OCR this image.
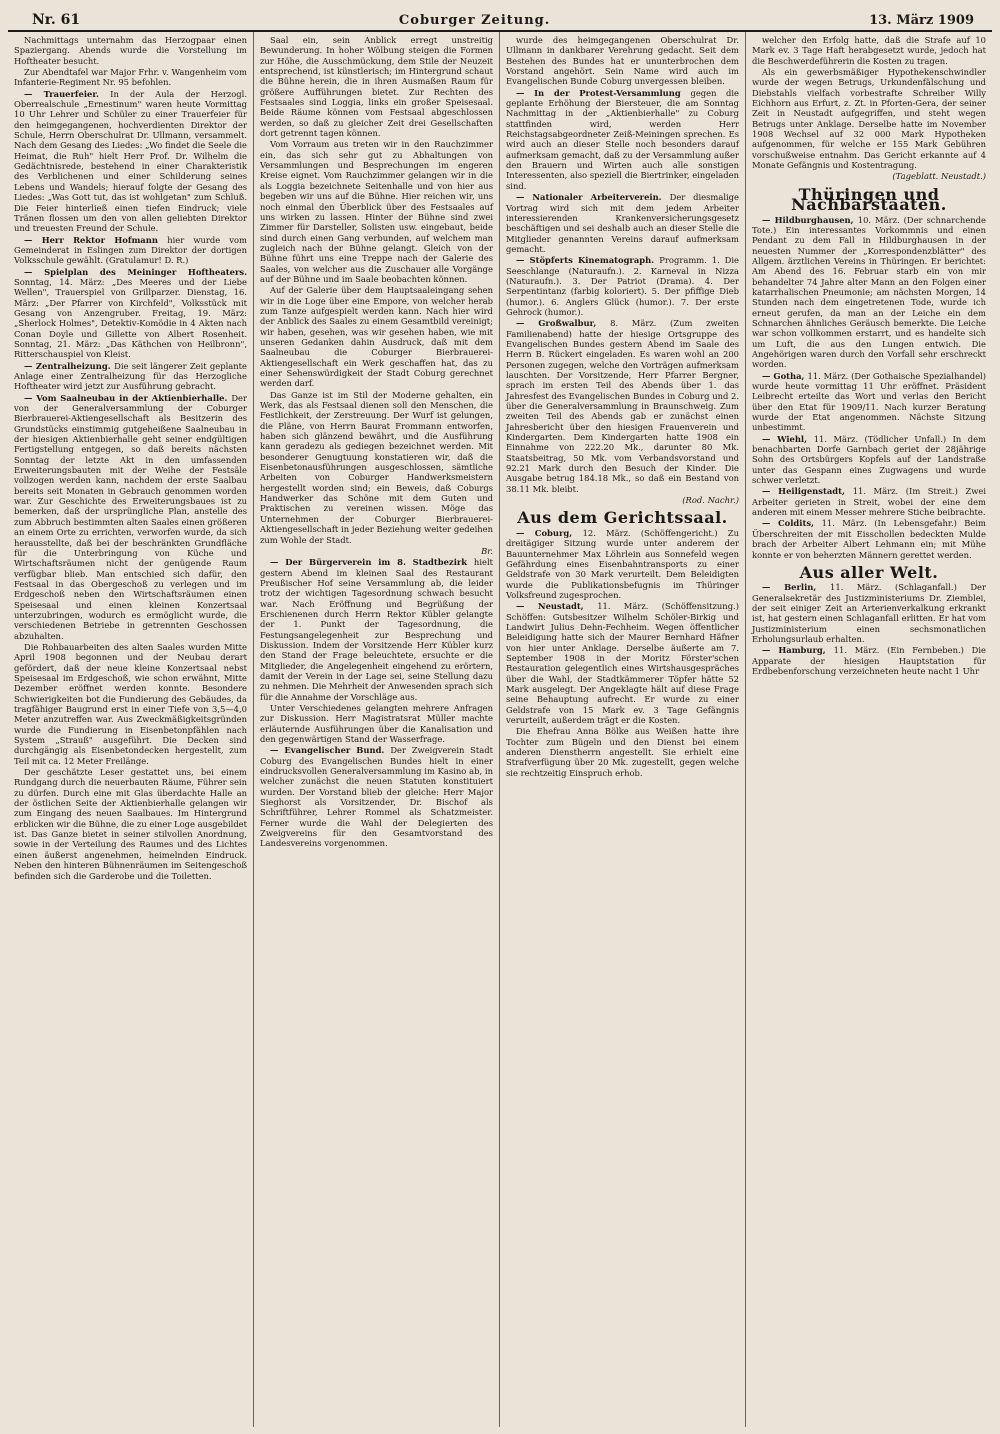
Nr. 61	Coburger Zeitung.	13. März 1909

Nachmittags unternahm das Herzogpaar einen Spaziergang. Abends wurde die Vorstellung im Hoftheater besucht.

Zur Abendtafel war Major Frhr. v. Wangenheim vom Infanterie-Regiment Nr. 95 befohlen.

— Trauerfeier. In der Aula der Herzogl. Oberrealschule „Ernestinum" waren heute Vormittag 10 Uhr Lehrer und Schüler zu einer Trauerfeier für den heimgegangenen, hochverdienten Direktor der Schule, Herrn Oberschulrat Dr. Ullmann, versammelt. Nach dem Gesang des Liedes: „Wo findet die Seele die Heimat, die Ruh" hielt Herr Prof. Dr. Wilhelm die Gedächtnisrede, bestehend in einer Charakteristik des Verblichenen und einer Schilderung seines Lebens und Wandels; hierauf folgte der Gesang des Liedes: „Was Gott tut, das ist wohlgetan" zum Schluß. Die Feier hinterließ einen tiefen Eindruck; viele Tränen flossen um den von allen geliebten Direktor und treuesten Freund der Schule.

— Herr Rektor Hofmann hier wurde vom Gemeinderat in Eslingen zum Direktor der dortigen Volksschule gewählt. (Gratulamur! D. R.)

— Spielplan des Meininger Hoftheaters. Sonntag, 14. März: „Des Meeres und der Liebe Wellen", Trauerspiel von Grillparzer. Dienstag, 16. März: „Der Pfarrer von Kirchfeld", Volksstück mit Gesang von Anzengruber. Freitag, 19. März: „Sherlock Holmes", Detektiv-Komödie in 4 Akten nach Conan Doyle und Gillette von Albert Rosenheit. Sonntag, 21. März: „Das Käthchen von Heilbronn", Ritterschauspiel von Kleist.

— Zentralheizung. Die seit längerer Zeit geplante Anlage einer Zentralheizung für das Herzogliche Hoftheater wird jetzt zur Ausführung gebracht.

— Vom Saalneubau in der Aktienbierhalle. Der von der Generalversammlung der Coburger Bierbrauerei-Aktiengesellschaft als Besitzerin des Grundstücks einstimmig gutgeheißene Saalneubau in der hiesigen Aktienbierhalle geht seiner endgültigen Fertigstellung entgegen, so daß bereits nächsten Sonntag der letzte Akt in den umfassenden Erweiterungsbauten mit der Weihe der Festsäle vollzogen werden kann, nachdem der erste Saalbau bereits seit Monaten in Gebrauch genommen worden war. Zur Geschichte des Erweiterungsbaues ist zu bemerken, daß der ursprüngliche Plan, anstelle des zum Abbruch bestimmten alten Saales einen größeren an einem Orte zu errichten, verworfen wurde, da sich herausstellte, daß bei der beschränkten Grundfläche für die Unterbringung von Küche und Wirtschaftsräumen nicht der genügende Raum verfügbar blieb. Man entschied sich dafür, den Festsaal in das Obergeschoß zu verlegen und im Erdgeschoß neben den Wirtschaftsräumen einen Speisesaal und einen kleinen Konzertsaal unterzubringen, wodurch es ermöglicht wurde, die verschiedenen Betriebe in getrennten Geschossen abzuhalten.

Die Rohbauarbeiten des alten Saales wurden Mitte April 1908 begonnen und der Neubau derart gefördert, daß der neue kleine Konzertsaal nebst Speisesaal im Erdgeschoß, wie schon erwähnt, Mitte Dezember eröffnet werden konnte. Besondere Schwierigkeiten bot die Fundierung des Gebäudes, da tragfähiger Baugrund erst in einer Tiefe von 3,5—4,0 Meter anzutreffen war. Aus Zweckmäßigkeitsgründen wurde die Fundierung in Eisenbetonpfählen nach System „Strauß" ausgeführt. Die Decken sind durchgängig als Eisenbetondecken hergestellt, zum Teil mit ca. 12 Meter Freilänge.

Der geschätzte Leser gestattet uns, bei einem Rundgang durch die neuerbauten Räume, Führer sein zu dürfen. Durch eine mit Glas überdachte Halle an der östlichen Seite der Aktienbierhalle gelangen wir zum Eingang des neuen Saalbaues. Im Hintergrund erblicken wir die Bühne, die zu einer Loge ausgebildet ist. Das Ganze bietet in seiner stilvollen Anordnung, sowie in der Verteilung des Raumes und des Lichtes einen äußerst angenehmen, heimelnden Eindruck. Neben den hinteren Bühnenräumen im Seitengeschoß befinden sich die Garderobe und die Toiletten.

Saal ein, sein Anblick erregt unstreitig Bewunderung. In hoher Wölbung steigen die Formen zur Höhe, die Ausschmückung, dem Stile der Neuzeit entsprechend, ist künstlerisch; im Hintergrund schaut die Bühne herein, die in ihren Ausmaßen Raum für größere Aufführungen bietet. Zur Rechten des Festsaales sind Loggia, links ein großer Speisesaal. Beide Räume können vom Festsaal abgeschlossen werden, so daß zu gleicher Zeit drei Gesellschaften dort getrennt tagen können.

Vom Vorraum aus treten wir in den Rauchzimmer ein, das sich sehr gut zu Abhaltungen von Versammlungen und Besprechungen im engeren Kreise eignet. Vom Rauchzimmer gelangen wir in die als Loggia bezeichnete Seitenhalle und von hier aus begeben wir uns auf die Bühne. Hier reichen wir, uns noch einmal den Überblick über des Festsaales auf uns wirken zu lassen. Hinter der Bühne sind zwei Zimmer für Darsteller, Solisten usw. eingebaut, beide sind durch einen Gang verbunden, auf welchem man zugleich nach der Bühne gelangt. Gleich von der Bühne führt uns eine Treppe nach der Galerie des Saales, von welcher aus die Zuschauer alle Vorgänge auf der Bühne und im Saale beobachten können.

Auf der Galerie über dem Hauptsaaleingang sehen wir in die Loge über eine Empore, von welcher herab zum Tanze aufgespielt werden kann. Nach hier wird der Anblick des Saales zu einem Gesamtbild vereinigt; wir haben, gesehen, was wir gesehen haben, wie mit unseren Gedanken dahin Ausdruck, daß mit dem Saalneubau die Coburger Bierbrauerei-Aktiengesellschaft ein Werk geschaffen hat, das zu einer Sehenswürdigkeit der Stadt Coburg gerechnet werden darf.

Das Ganze ist im Stil der Moderne gehalten, ein Werk, das als Festsaal dienen soll den Menschen, die Festlichkeit, der Zerstreuung. Der Wurf ist gelungen, die Pläne, von Herrn Baurat Frommann entworfen, haben sich glänzend bewährt, und die Ausführung kann geradezu als gediegen bezeichnet werden. Mit besonderer Genugtuung konstatieren wir, daß die Eisenbetonausführungen ausgeschlossen, sämtliche Arbeiten von Coburger Handwerksmeistern hergestellt worden sind; ein Beweis, daß Coburgs Handwerker das Schöne mit dem Guten und Praktischen zu vereinen wissen. Möge das Unternehmen der Coburger Bierbrauerei-Aktiengesellschaft in jeder Beziehung weiter gedeihen zum Wohle der Stadt.

Br.

— Der Bürgerverein im 8. Stadtbezirk hielt gestern Abend im kleinen Saal des Restaurant Preußischer Hof seine Versammlung ab, die leider trotz der wichtigen Tagesordnung schwach besucht war. Nach Eröffnung und Begrüßung der Erschienenen durch Herrn Rektor Kübler gelangte der 1. Punkt der Tagesordnung, die Festungsangelegenheit zur Besprechung und Diskussion. Indem der Vorsitzende Herr Kübler kurz den Stand der Frage beleuchtete, ersuchte er die Mitglieder, die Angelegenheit eingehend zu erörtern, damit der Verein in der Lage sei, seine Stellung dazu zu nehmen. Die Mehrheit der Anwesenden sprach sich für die Annahme der Vorschläge aus.

Unter Verschiedenes gelangten mehrere Anfragen zur Diskussion. Herr Magistratsrat Müller machte erläuternde Ausführungen über die Kanalisation und den gegenwärtigen Stand der Wasserfrage.

— Evangelischer Bund. Der Zweigverein Stadt Coburg des Evangelischen Bundes hielt in einer eindrucksvollen Generalversammlung im Kasino ab, in welcher zunächst die neuen Statuten konstituiert wurden. Der Vorstand blieb der gleiche: Herr Major Sieghorst als Vorsitzender, Dr. Bischof als Schriftführer, Lehrer Rommel als Schatzmeister. Ferner wurde die Wahl der Delegierten des Zweigvereins für den Gesamtvorstand des Landesvereins vorgenommen.

wurde des heimgegangenen Oberschulrat Dr. Ullmann in dankbarer Verehrung gedacht. Seit dem Bestehen des Bundes hat er ununterbrochen dem Vorstand angehört. Sein Name wird auch im Evangelischen Bunde Coburg unvergessen bleiben.

— In der Protest-Versammlung gegen die geplante Erhöhung der Biersteuer, die am Sonntag Nachmittag in der „Aktienbierhalle" zu Coburg stattfinden wird, werden Herr Reichstagsabgeordneter Zeiß-Meiningen sprechen. Es wird auch an dieser Stelle noch besonders darauf aufmerksam gemacht, daß zu der Versammlung außer den Brauern und Wirten auch alle sonstigen Interessenten, also speziell die Biertrinker, eingeladen sind.

— Nationaler Arbeiterverein. Der diesmalige Vortrag wird sich mit dem jedem Arbeiter interessierenden Krankenversicherungsgesetz beschäftigen und sei deshalb auch an dieser Stelle die Mitglieder genannten Vereins darauf aufmerksam gemacht.

— Stöpferts Kinematograph. Programm. 1. Die Seeschlange (Naturaufn.). 2. Karneval in Nizza (Naturaufn.). 3. Der Patriot (Drama). 4. Der Serpentintanz (farbig koloriert). 5. Der pfiffige Dieb (humor.). 6. Anglers Glück (humor.). 7. Der erste Gehrock (humor.).

— Großwalbur, 8. März. (Zum zweiten Familienabend) hatte der hiesige Ortsgruppe des Evangelischen Bundes gestern Abend im Saale des Herrn B. Rückert eingeladen. Es waren wohl an 200 Personen zugegen, welche den Vorträgen aufmerksam lauschten. Der Vorsitzende, Herr Pfarrer Bergner, sprach im ersten Teil des Abends über 1. das Jahresfest des Evangelischen Bundes in Coburg und 2. über die Generalversammlung in Braunschweig. Zum zweiten Teil des Abends gab er zunächst einen Jahresbericht über den hiesigen Frauenverein und Kindergarten. Dem Kindergarten hatte 1908 ein Einnahme von 222.20 Mk., darunter 80 Mk. Staatsbeitrag, 50 Mk. vom Verbandsvorstand und 92.21 Mark durch den Besuch der Kinder. Die Ausgabe betrug 184.18 Mk., so daß ein Bestand von 38.11 Mk. bleibt.

(Rod. Nachr.)

Aus dem Gerichtssaal.

— Coburg, 12. März. (Schöffengericht.) Zu dreitägiger Sitzung wurde unter anderem der Bauunternehmer Max Löhrlein aus Sonnefeld wegen Gefährdung eines Eisenbahntransports zu einer Geldstrafe von 30 Mark verurteilt. Dem Beleidigten wurde die Publikationsbefugnis im Thüringer Volksfreund zugesprochen.

— Neustadt, 11. März. (Schöffensitzung.) Schöffen: Gutsbesitzer Wilhelm Schöler-Birkig und Landwirt Julius Dehn-Fechheim. Wegen öffentlicher Beleidigung hatte sich der Maurer Bernhard Häfner von hier unter Anklage. Derselbe äußerte am 7. September 1908 in der Moritz Förster'schen Restauration gelegentlich eines Wirtshausgespräches über die Wahl, der Stadtkämmerer Töpfer hätte 52 Mark ausgelegt. Der Angeklagte hält auf diese Frage seine Behauptung aufrecht. Er wurde zu einer Geldstrafe von 15 Mark ev. 3 Tage Gefängnis verurteilt, außerdem trägt er die Kosten.

Die Ehefrau Anna Bölke aus Weißen hatte ihre Tochter zum Bügeln und den Dienst bei einem anderen Dienstherrn angestellt. Sie erhielt eine Strafverfügung über 20 Mk. zugestellt, gegen welche sie rechtzeitig Einspruch erhob.

welcher den Erfolg hatte, daß die Strafe auf 10 Mark ev. 3 Tage Haft herabgesetzt wurde, jedoch hat die Beschwerdeführerin die Kosten zu tragen.

Als ein gewerbsmäßiger Hypothekenschwindler wurde der wegen Betrugs, Urkundenfälschung und Diebstahls vielfach vorbestrafte Schreiber Willy Eichhorn aus Erfurt, z. Zt. in Pforten-Gera, der seiner Zeit in Neustadt aufgegriffen, und steht wegen Betrugs unter Anklage. Derselbe hatte im November 1908 Wechsel auf 32 000 Mark Hypotheken aufgenommen, für welche er 155 Mark Gebühren vorschußweise entnahm. Das Gericht erkannte auf 4 Monate Gefängnis und Kostentragung.

(Tageblatt. Neustadt.)

Thüringen und Nachbarstaaten.

— Hildburghausen, 10. März. (Der schnarchende Tote.) Ein interessantes Vorkommnis und einen Pendant zu dem Fall in Hildburghausen in der neuesten Nummer der „Korrespondenzblätter" des Allgem. ärztlichen Vereins in Thüringen. Er berichtet: Am Abend des 16. Februar starb ein von mir behandelter 74 Jahre alter Mann an den Folgen einer katarrhalischen Pneumonie; am nächsten Morgen, 14 Stunden nach dem eingetretenen Tode, wurde ich erneut gerufen, da man an der Leiche ein dem Schnarchen ähnliches Geräusch bemerkte. Die Leiche war schon vollkommen erstarrt, und es handelte sich um Luft, die aus den Lungen entwich. Die Angehörigen waren durch den Vorfall sehr erschreckt worden.

— Gotha, 11. März. (Der Gothaische Spezialhandel) wurde heute vormittag 11 Uhr eröffnet. Präsident Leibrecht erteilte das Wort und verlas den Bericht über den Etat für 1909/11. Nach kurzer Beratung wurde der Etat angenommen. Nächste Sitzung unbestimmt.

— Wiehl, 11. März. (Tödlicher Unfall.) In dem benachbarten Dorfe Garnbach geriet der 28jährige Sohn des Ortsbürgers Kopfels auf der Landstraße unter das Gespann eines Zugwagens und wurde schwer verletzt.

— Heiligenstadt, 11. März. (Im Streit.) Zwei Arbeiter gerieten in Streit, wobei der eine dem anderen mit einem Messer mehrere Stiche beibrachte.

— Coldits, 11. März. (In Lebensgefahr.) Beim Überschreiten der mit Eisschollen bedeckten Mulde brach der Arbeiter Albert Lehmann ein; mit Mühe konnte er von beherzten Männern gerettet werden.

Aus aller Welt.

— Berlin, 11. März. (Schlaganfall.) Der Generalsekretär des Justizministeriums Dr. Ziemblei, der seit einiger Zeit an Arterienverkalkung erkrankt ist, hat gestern einen Schlaganfall erlitten. Er hat vom Justizministerium einen sechsmonatlichen Erholungsurlaub erhalten.

— Hamburg, 11. März. (Ein Fernbeben.) Die Apparate der hiesigen Hauptstation für Erdbebenforschung verzeichneten heute nacht 1 Uhr
